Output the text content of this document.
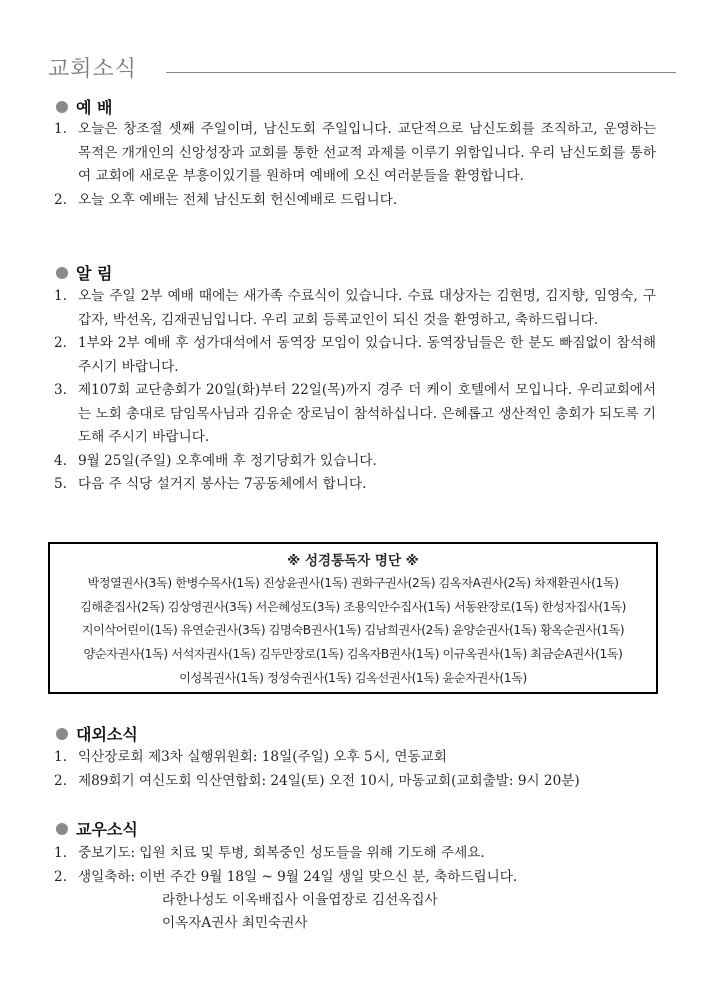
교회소식
예 배
1. 오늘은 창조절 셋째 주일이며, 남신도회 주일입니다. 교단적으로 남신도회를 조직하고, 운영하는 목적은 개개인의 신앙성장과 교회를 통한 선교적 과제를 이루기 위함입니다. 우리 남신도회를 통하여 교회에 새로운 부흥이있기를 원하며 예배에 오신 여러분들을 환영합니다.
2. 오늘 오후 예배는 전체 남신도회 헌신예배로 드립니다.
알 림
1. 오늘 주일 2부 예배 때에는 새가족 수료식이 있습니다. 수료 대상자는 김현명, 김지향, 임영숙, 구갑자, 박선옥, 김재권님입니다. 우리 교회 등록교인이 되신 것을 환영하고, 축하드립니다.
2. 1부와 2부 예배 후 성가대석에서 동역장 모임이 있습니다. 동역장님들은 한 분도 빠짐없이 참석해 주시기 바랍니다.
3. 제107회 교단총회가 20일(화)부터 22일(목)까지 경주 더 케이 호텔에서 모입니다. 우리교회에서는 노회 총대로 담임목사님과 김유순 장로님이 참석하십니다. 은혜롭고 생산적인 총회가 되도록 기도해 주시기 바랍니다.
4. 9월 25일(주일) 오후예배 후 정기당회가 있습니다.
5. 다음 주 식당 설거지 봉사는 7공동체에서 합니다.
※ 성경통독자 명단 ※
박정열권사(3독) 한병수목사(1독) 진상윤권사(1독) 권화구권사(2독) 김옥자A권사(2독) 차재환권사(1독)
김해춘집사(2독) 김상영권사(3독) 서은혜성도(3독) 조용익안수집사(1독) 서동완장로(1독) 한성자집사(1독)
지이삭어린이(1독) 유연순권사(3독) 김명숙B권사(1독) 김남희권사(2독) 윤양순권사(1독) 황옥순권사(1독)
양순자권사(1독) 서석자권사(1독) 김두만장로(1독) 김옥자B권사(1독) 이규옥권사(1독) 최금순A권사(1독)
이성복권사(1독) 정성숙권사(1독) 김옥선권사(1독) 윤순자권사(1독)
대외소식
1. 익산장로회 제3차 실행위원회: 18일(주일) 오후 5시, 연동교회
2. 제89회기 여신도회 익산연합회: 24일(토) 오전 10시, 마동교회(교회출발: 9시 20분)
교우소식
1. 중보기도: 입원 치료 및 투병, 회복중인 성도들을 위해 기도해 주세요.
2. 생일축하: 이번 주간 9월 18일 ~ 9월 24일 생일 맞으신 분, 축하드립니다.
라한나성도 이옥배집사 이율엽장로 김선옥집사
이옥자A권사 최민숙권사
